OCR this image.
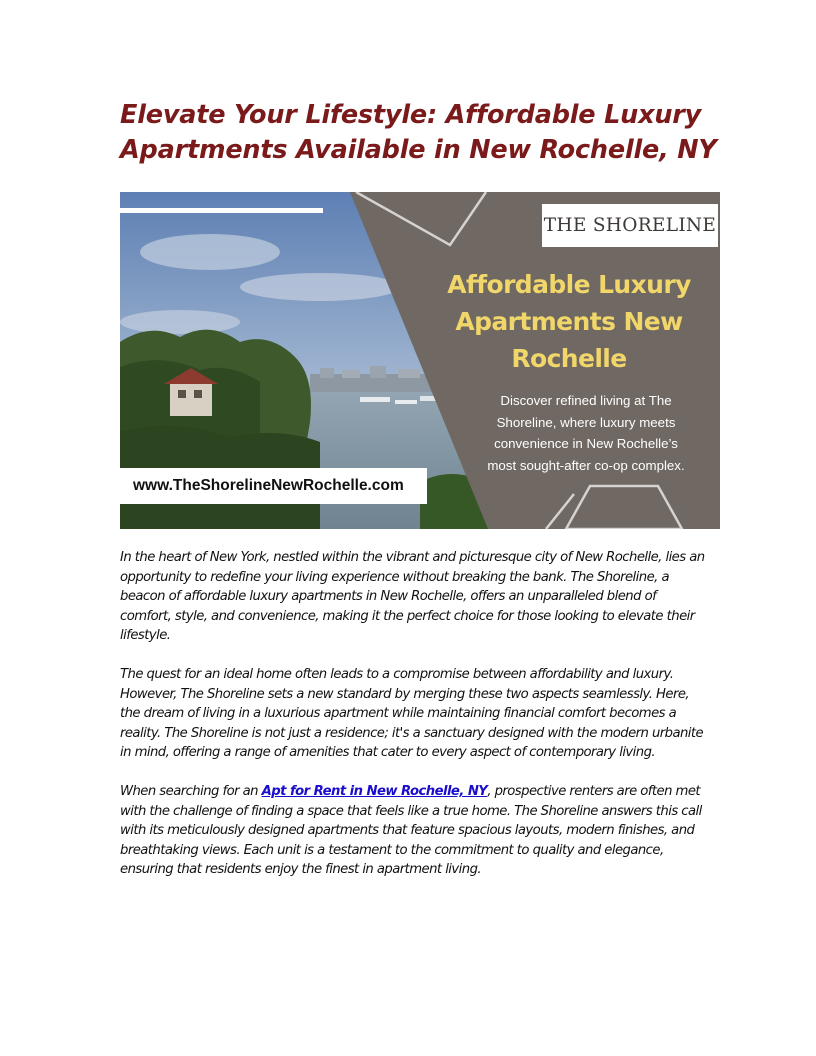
Elevate Your Lifestyle: Affordable Luxury Apartments Available in New Rochelle, NY
THE SHORELINE
Affordable Luxury
Apartments New
Rochelle
Discover refined living at The
Shoreline, where luxury meets
convenience in New Rochelle’s
most sought-after co-op complex.
www.TheShorelineNewRochelle.com

In the heart of New York, nestled within the vibrant and picturesque city of New Rochelle, lies an opportunity to redefine your living experience without breaking the bank. The Shoreline, a beacon of affordable luxury apartments in New Rochelle, offers an unparalleled blend of comfort, style, and convenience, making it the perfect choice for those looking to elevate their lifestyle.

The quest for an ideal home often leads to a compromise between affordability and luxury. However, The Shoreline sets a new standard by merging these two aspects seamlessly. Here, the dream of living in a luxurious apartment while maintaining financial comfort becomes a reality. The Shoreline is not just a residence; it's a sanctuary designed with the modern urbanite in mind, offering a range of amenities that cater to every aspect of contemporary living.

When searching for an Apt for Rent in New Rochelle, NY, prospective renters are often met with the challenge of finding a space that feels like a true home. The Shoreline answers this call with its meticulously designed apartments that feature spacious layouts, modern finishes, and breathtaking views. Each unit is a testament to the commitment to quality and elegance, ensuring that residents enjoy the finest in apartment living.
